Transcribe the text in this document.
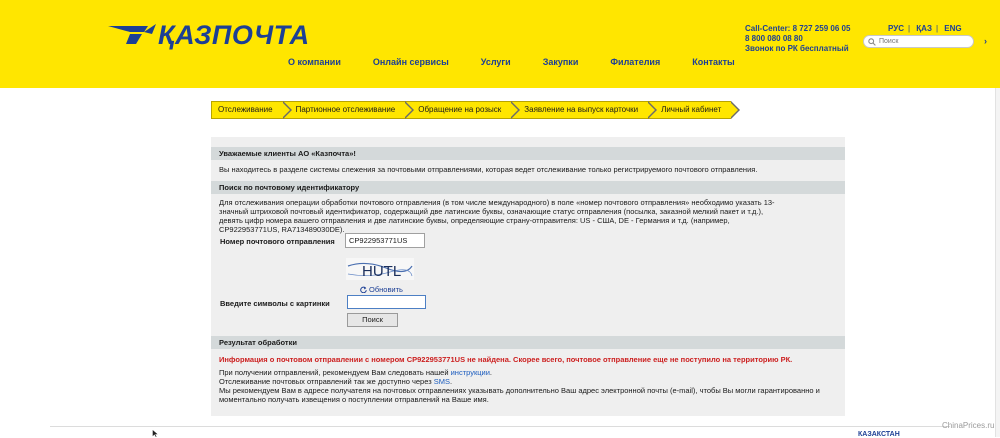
ҚАЗПОЧТА	Call-Center: 8 727 259 06 05
8 800 080 08 80
Звонок по РК бесплатный
РУС | ҚАЗ | ENG
Поиск
›
О компании	Онлайн сервисы	Услуги	Закупки	Филателия	Контакты
Отслеживание	Партионное отслеживание	Обращение на розыск	Заявление на выпуск карточки	Личный кабинет
Уважаемые клиенты АО «Казпочта»!
Вы находитесь в разделе системы слежения за почтовыми отправлениями, которая ведет отслеживание только регистрируемого почтового отправления.
Поиск по почтовому идентификатору
Для отслеживания операции обработки почтового отправления (в том числе международного) в поле «номер почтового отправления» необходимо указать 13-
значный штриховой почтовый идентификатор, содержащий две латинские буквы, означающие статус отправления (посылка, заказной мелкий пакет и т.д.),
девять цифр номера вашего отправления и две латинские буквы, определяющие страну-отправителя: US - США, DE - Германия и т.д. (например,
CP922953771US, RA713489030DE).
Номер почтового отправления	CP922953771US
HUTL
Обновить
Введите символы с картинки
Поиск
Результат обработки
Информация о почтовом отправлении с номером CP922953771US не найдена. Скорее всего, почтовое отправление еще не поступило на территорию РК.
При получении отправлений, рекомендуем Вам следовать нашей инструкции.
Отслеживание почтовых отправлений так же доступно через SMS.
Мы рекомендуем Вам в адресе получателя на почтовых отправлениях указывать дополнительно Ваш адрес электронной почты (e-mail), чтобы Вы могли гарантированно и
моментально получать извещения о поступлении отправлений на Ваше имя.
КАЗАКСТАН
ChinaPrices.ru
